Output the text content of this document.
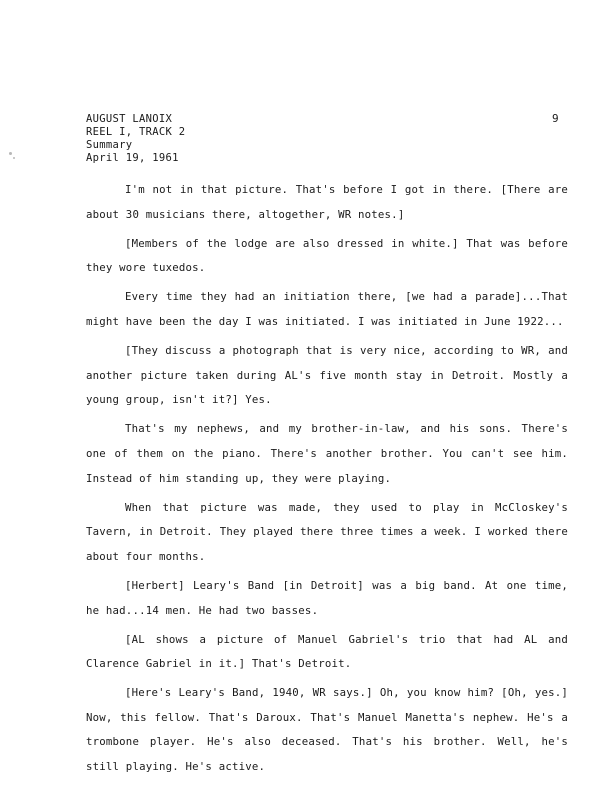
AUGUST LANOIX
REEL I, TRACK 2
Summary
April 19, 1961
9

I'm not in that picture. That's before I got in there. [There are about 30 musicians there, altogether, WR notes.]

[Members of the lodge are also dressed in white.] That was before they wore tuxedos.

Every time they had an initiation there, [we had a parade]...That might have been the day I was initiated. I was initiated in June 1922...

[They discuss a photograph that is very nice, according to WR, and another picture taken during AL's five month stay in Detroit. Mostly a young group, isn't it?] Yes.

That's my nephews, and my brother-in-law, and his sons. There's one of them on the piano. There's another brother. You can't see him. Instead of him standing up, they were playing.

When that picture was made, they used to play in McCloskey's Tavern, in Detroit. They played there three times a week. I worked there about four months.

[Herbert] Leary's Band [in Detroit] was a big band. At one time, he had...14 men. He had two basses.

[AL shows a picture of Manuel Gabriel's trio that had AL and Clarence Gabriel in it.] That's Detroit.

[Here's Leary's Band, 1940, WR says.] Oh, you know him? [Oh, yes.] Now, this fellow. That's Daroux. That's Manuel Manetta's nephew. He's a trombone player. He's also deceased. That's his brother. Well, he's still playing. He's active.
